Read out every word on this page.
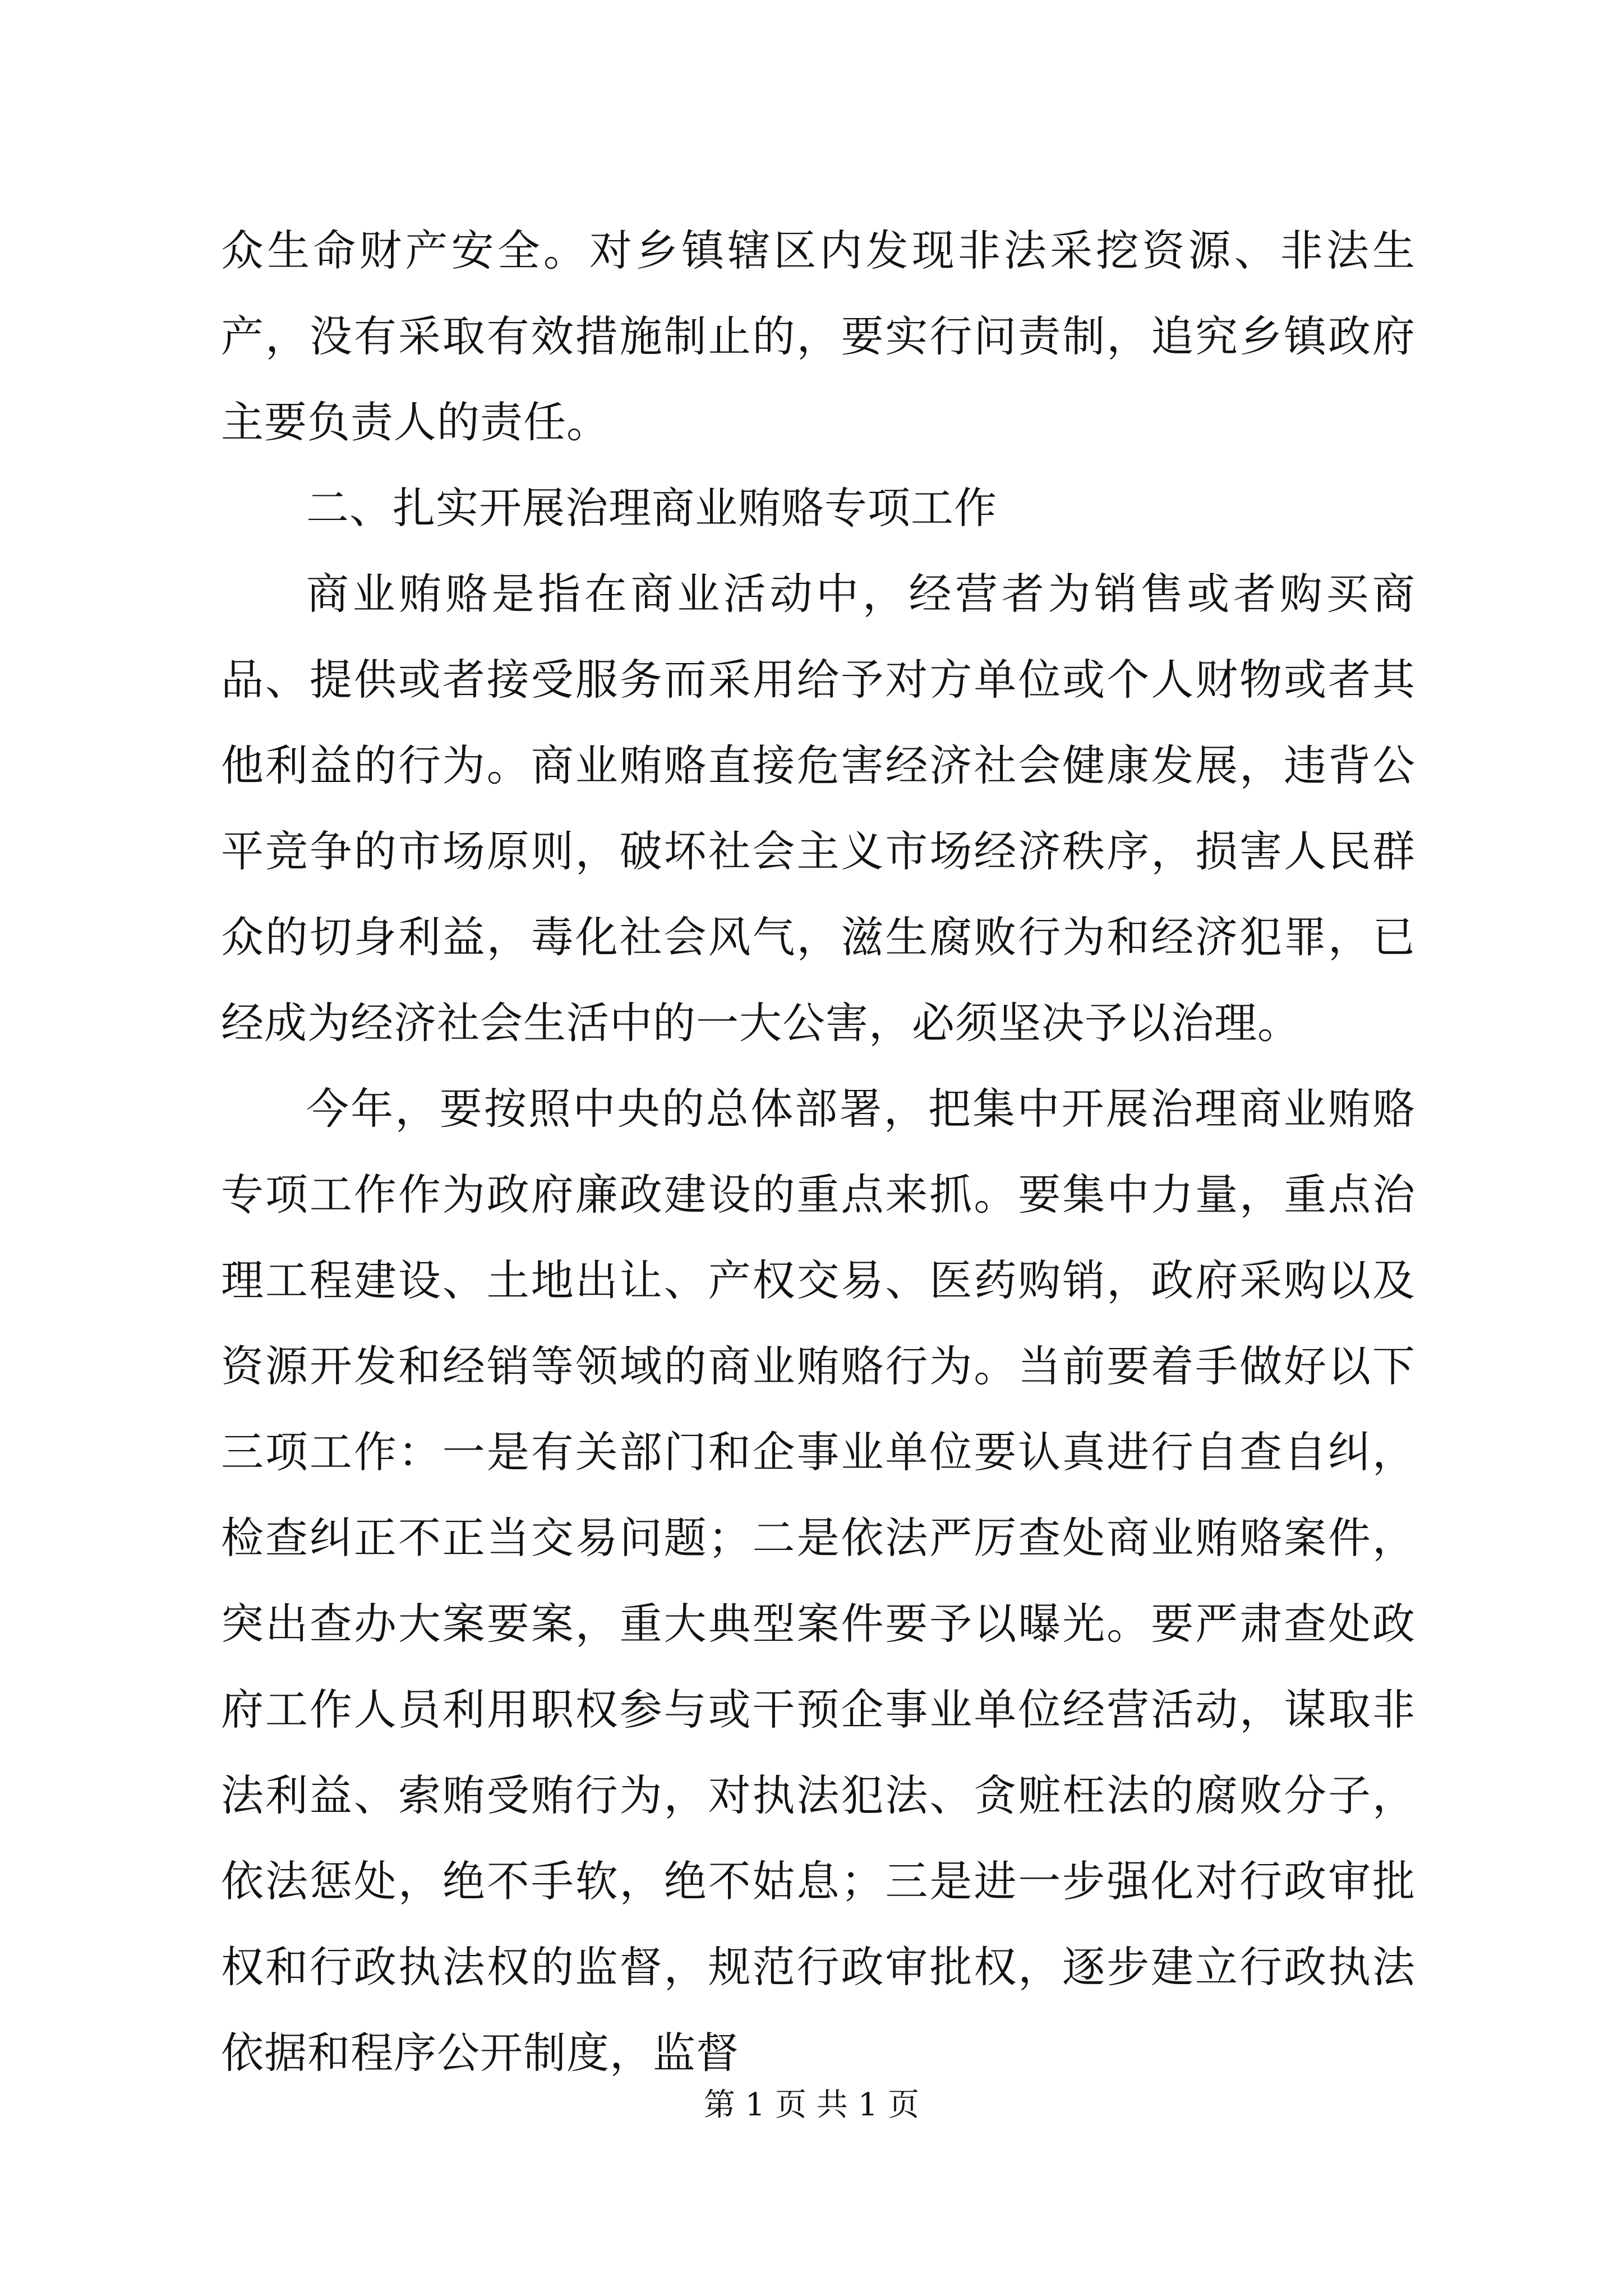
众生命财产安全。对乡镇辖区内发现非法采挖资源、非法生产，没有采取有效措施制止的，要实行问责制，追究乡镇政府主要负责人的责任。

二、扎实开展治理商业贿赂专项工作

商业贿赂是指在商业活动中，经营者为销售或者购买商品、提供或者接受服务而采用给予对方单位或个人财物或者其他利益的行为。商业贿赂直接危害经济社会健康发展，违背公平竞争的市场原则，破坏社会主义市场经济秩序，损害人民群众的切身利益，毒化社会风气，滋生腐败行为和经济犯罪，已经成为经济社会生活中的一大公害，必须坚决予以治理。

今年，要按照中央的总体部署，把集中开展治理商业贿赂专项工作作为政府廉政建设的重点来抓。要集中力量，重点治理工程建设、土地出让、产权交易、医药购销，政府采购以及资源开发和经销等领域的商业贿赂行为。当前要着手做好以下三项工作：一是有关部门和企事业单位要认真进行自查自纠，检查纠正不正当交易问题；二是依法严厉查处商业贿赂案件，突出查办大案要案，重大典型案件要予以曝光。要严肃查处政府工作人员利用职权参与或干预企事业单位经营活动，谋取非法利益、索贿受贿行为，对执法犯法、贪赃枉法的腐败分子，依法惩处，绝不手软，绝不姑息；三是进一步强化对行政审批权和行政执法权的监督，规范行政审批权，逐步建立行政执法依据和程序公开制度，监督

第 1 页 共 1 页
